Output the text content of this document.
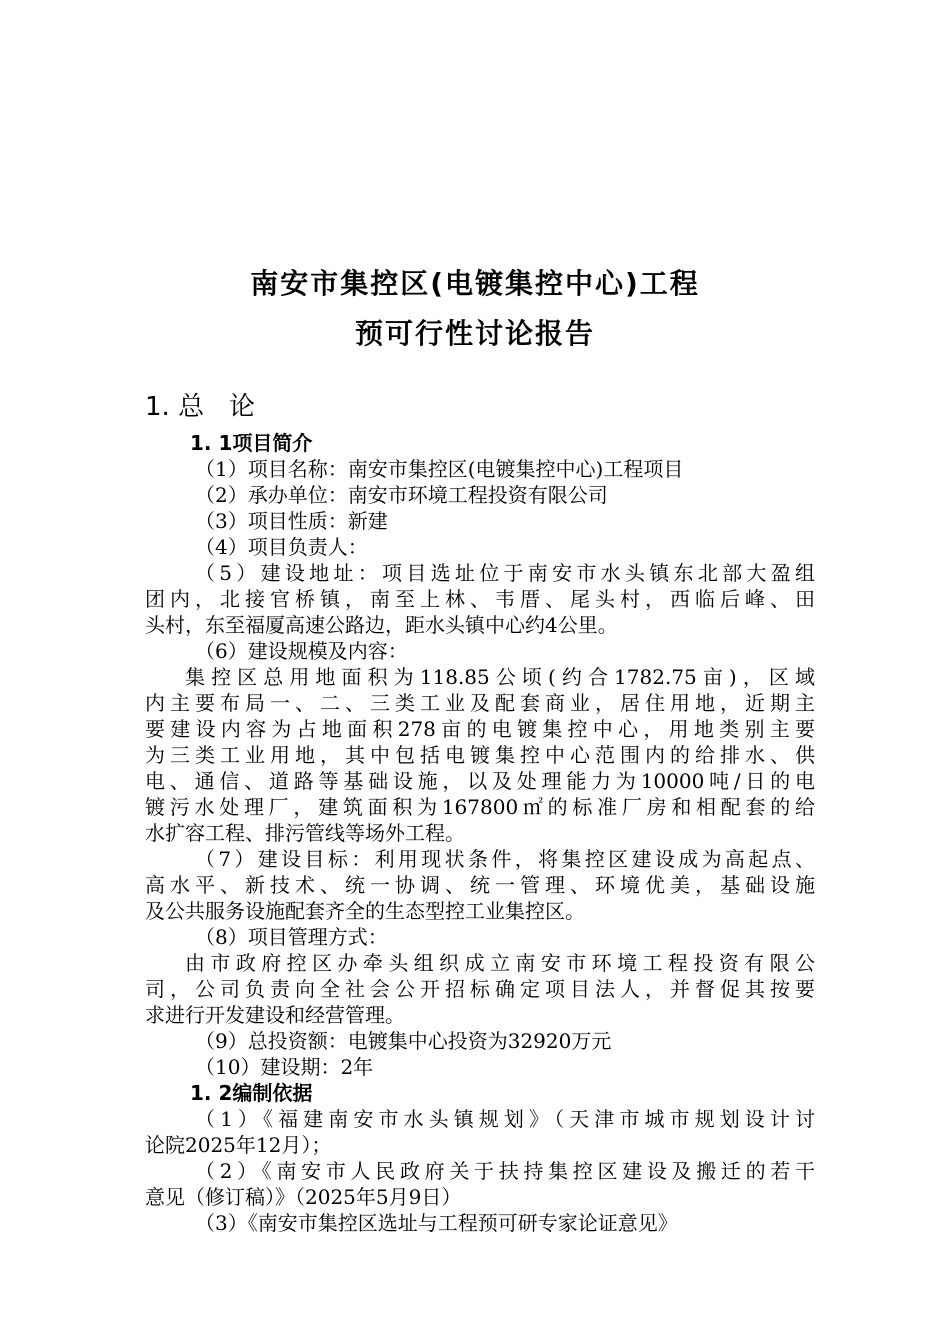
南安市集控区(电镀集控中心)工程
预可行性讨论报告
1. 总   论
1. 1项目简介
（1）项目名称：南安市集控区(电镀集控中心)工程项目
（2）承办单位：南安市环境工程投资有限公司
（3）项目性质：新建
（4）项目负责人：
（5）建设地址：项目选址位于南安市水头镇东北部大盈组
团内，北接官桥镇，南至上林、韦厝、尾头村，西临后峰、田
头村，东至福厦高速公路边，距水头镇中心约4公里。
（6）建设规模及内容：
集控区总用地面积为118.85公顷(约合1782.75亩)，区域
内主要布局一、二、三类工业及配套商业，居住用地，近期主
要建设内容为占地面积278亩的电镀集控中心，用地类别主要
为三类工业用地，其中包括电镀集控中心范围内的给排水、供
电、通信、道路等基础设施，以及处理能力为10000吨/日的电
镀污水处理厂，建筑面积为167800㎡的标准厂房和相配套的给
水扩容工程、排污管线等场外工程。
（7）建设目标：利用现状条件，将集控区建设成为高起点、
高水平、新技术、统一协调、统一管理、环境优美，基础设施
及公共服务设施配套齐全的生态型控工业集控区。
（8）项目管理方式：
由市政府控区办牵头组织成立南安市环境工程投资有限公
司，公司负责向全社会公开招标确定项目法人，并督促其按要
求进行开发建设和经营管理。
（9）总投资额：电镀集中心投资为32920万元
（10）建设期：2年
1. 2编制依据
（1）《福建南安市水头镇规划》（天津市城市规划设计讨
论院2025年12月）；
（2）《南安市人民政府关于扶持集控区建设及搬迁的若干
意见（修订稿）》（2025年5月9日）
（3）《南安市集控区选址与工程预可研专家论证意见》
